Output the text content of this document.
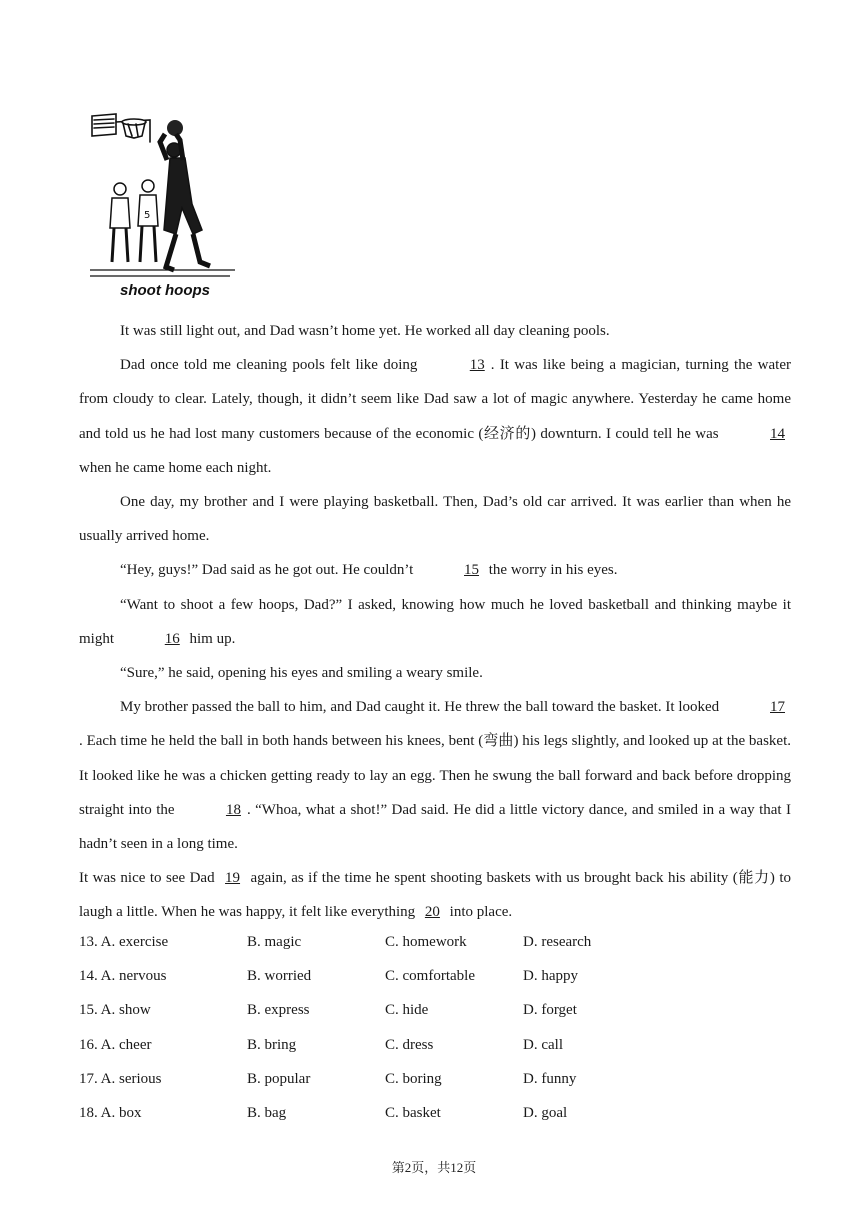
5
shoot hoops

It was still light out, and Dad wasn’t home yet. He worked all day cleaning pools.

Dad once told me cleaning pools felt like doing	13 . It was like being a magician, turning the water from cloudy to clear. Lately, though, it didn’t seem like Dad saw a lot of magic anywhere. Yesterday he came home and told us he had lost many customers because of the economic (经济的) downturn. I could tell he was	14 when he came home each night.

One day, my brother and I were playing basketball. Then, Dad’s old car arrived. It was earlier than when he usually arrived home.

“Hey, guys!” Dad said as he got out. He couldn’t	15 the worry in his eyes.

“Want to shoot a few hoops, Dad?” I asked, knowing how much he loved basketball and thinking maybe it might	16 him up.

“Sure,” he said, opening his eyes and smiling a weary smile.

My brother passed the ball to him, and Dad caught it. He threw the ball toward the basket. It looked	17. Each time he held the ball in both hands between his knees, bent (弯曲) his legs slightly, and looked up at the basket. It looked like he was a chicken getting ready to lay an egg. Then he swung the ball forward and back before dropping straight into the	18 . “Whoa, what a shot!” Dad said. He did a little victory dance, and smiled in a way that I hadn’t seen in a long time.

It was nice to see Dad 19 again, as if the time he spent shooting baskets with us brought back his ability (能力) to laugh a little. When he was happy, it felt like everything 20 into place.

13. A. exercise	B. magic	C. homework	D. research
14. A. nervous	B. worried	C. comfortable	D. happy
15. A. show	B. express	C. hide	D. forget
16. A. cheer	B. bring	C. dress	D. call
17. A. serious	B. popular	C. boring	D. funny
18. A. box	B. bag	C. basket	D. goal
第2页，共12页
